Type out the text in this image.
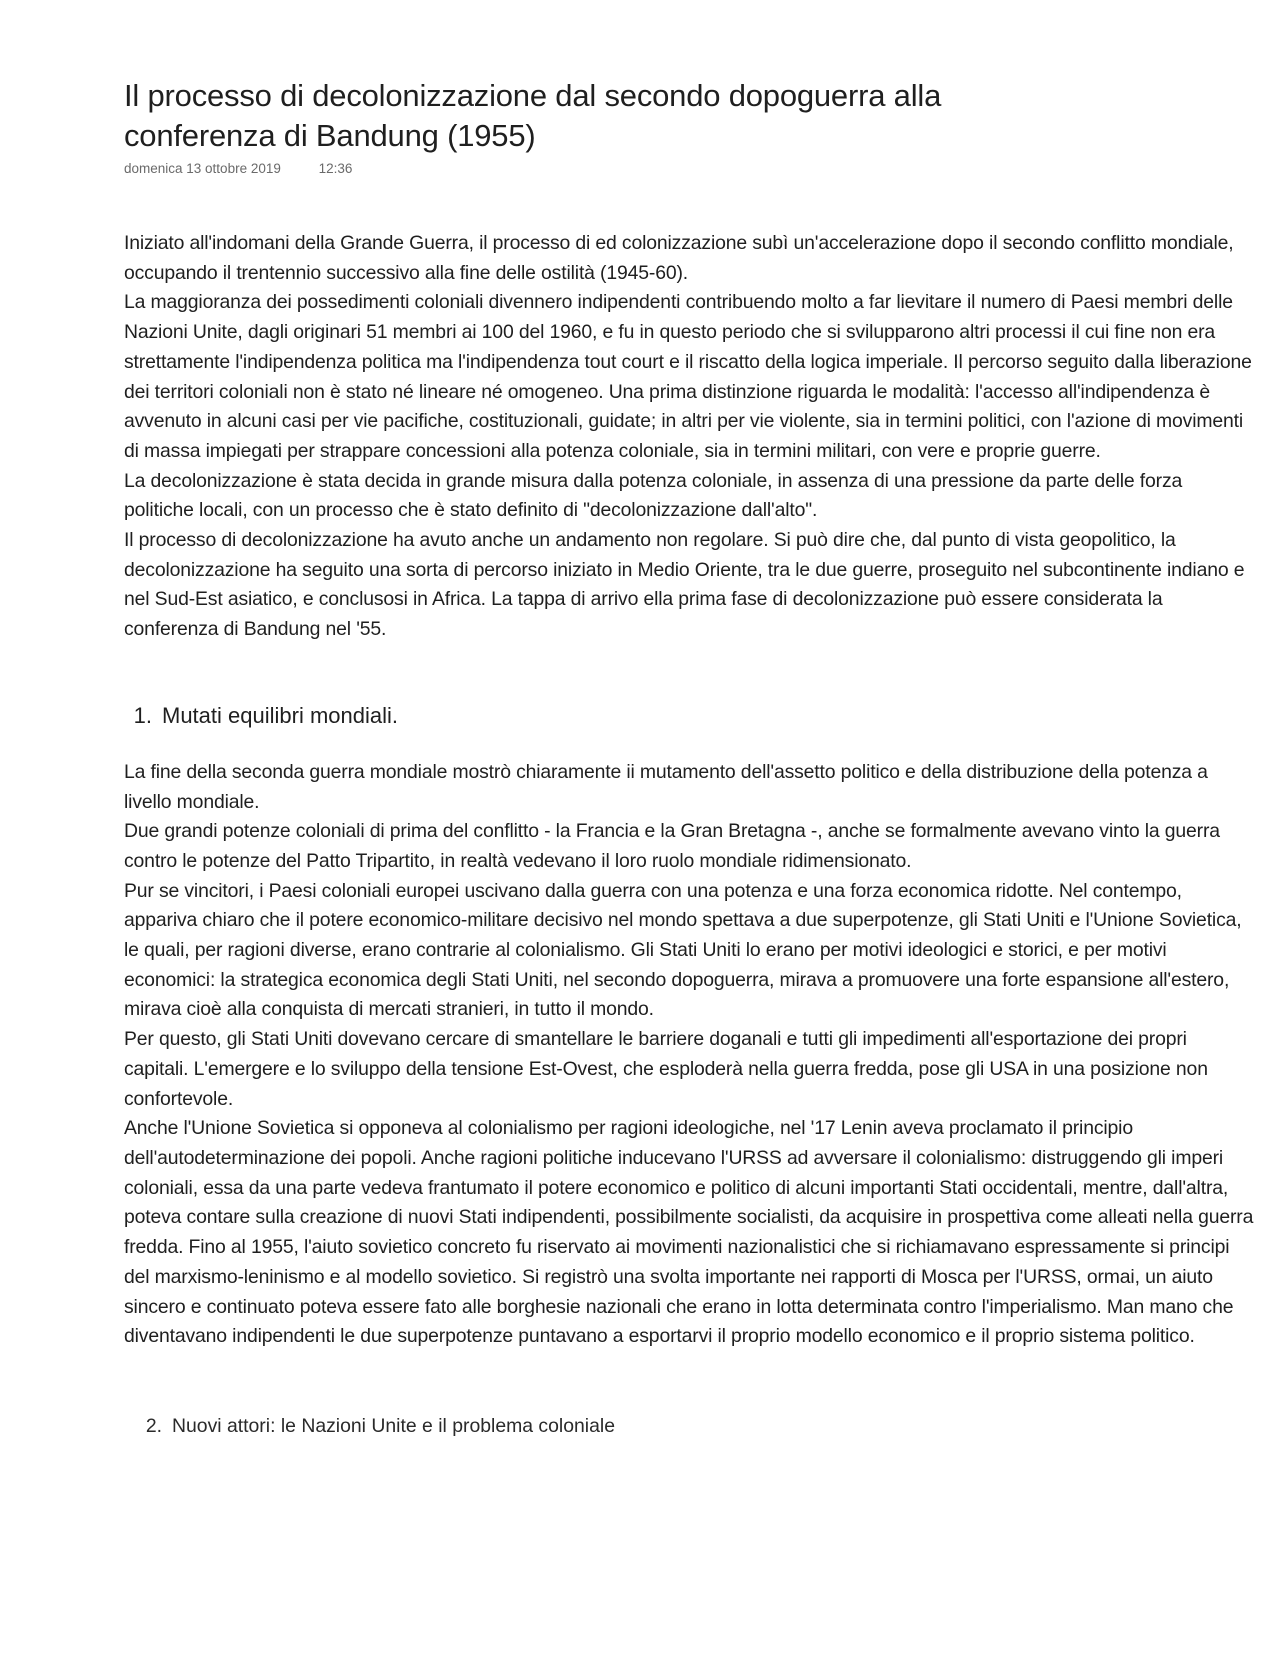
Il processo di decolonizzazione dal secondo dopoguerra alla
conferenza di Bandung (1955)
domenica 13 ottobre 2019	12:36

Iniziato all'indomani della Grande Guerra, il processo di ed colonizzazione subì un'accelerazione dopo il secondo conflitto mondiale, occupando il trentennio successivo alla fine delle ostilità (1945-60).

La maggioranza dei possedimenti coloniali divennero indipendenti contribuendo molto a far lievitare il numero di Paesi membri delle Nazioni Unite, dagli originari 51 membri ai 100 del 1960, e fu in questo periodo che si svilupparono altri processi il cui fine non era strettamente l'indipendenza politica ma l'indipendenza tout court e il riscatto della logica imperiale. Il percorso seguito dalla liberazione dei territori coloniali non è stato né lineare né omogeneo. Una prima distinzione riguarda le modalità: l'accesso all'indipendenza è avvenuto in alcuni casi per vie pacifiche, costituzionali, guidate; in altri per vie violente, sia in termini politici, con l'azione di movimenti di massa impiegati per strappare concessioni alla potenza coloniale, sia in termini militari, con vere e proprie guerre.

La decolonizzazione è stata decida in grande misura dalla potenza coloniale, in assenza di una pressione da parte delle forza politiche locali, con un processo che è stato definito di "decolonizzazione dall'alto".

Il processo di decolonizzazione ha avuto anche un andamento non regolare. Si può dire che, dal punto di vista geopolitico, la decolonizzazione ha seguito una sorta di percorso iniziato in Medio Oriente, tra le due guerre, proseguito nel subcontinente indiano e nel Sud-Est asiatico, e conclusosi in Africa. La tappa di arrivo ella prima fase di decolonizzazione può essere considerata la conferenza di Bandung nel '55.

1. Mutati equilibri mondiali.

La fine della seconda guerra mondiale mostrò chiaramente ii mutamento dell'assetto politico e della distribuzione della potenza a livello mondiale.

Due grandi potenze coloniali di prima del conflitto - la Francia e la Gran Bretagna -, anche se formalmente avevano vinto la guerra contro le potenze del Patto Tripartito, in realtà vedevano il loro ruolo mondiale ridimensionato.

Pur se vincitori, i Paesi coloniali europei uscivano dalla guerra con una potenza e una forza economica ridotte. Nel contempo, appariva chiaro che il potere economico-militare decisivo nel mondo spettava a due superpotenze, gli Stati Uniti e l'Unione Sovietica, le quali, per ragioni diverse, erano contrarie al colonialismo. Gli Stati Uniti lo erano per motivi ideologici e storici, e per motivi economici: la strategica economica degli Stati Uniti, nel secondo dopoguerra, mirava a promuovere una forte espansione all'estero, mirava cioè alla conquista di mercati stranieri, in tutto il mondo.

Per questo, gli Stati Uniti dovevano cercare di smantellare le barriere doganali e tutti gli impedimenti all'esportazione dei propri capitali. L'emergere e lo sviluppo della tensione Est-Ovest, che esploderà nella guerra fredda, pose gli USA in una posizione non confortevole.

Anche l'Unione Sovietica si opponeva al colonialismo per ragioni ideologiche, nel '17 Lenin aveva proclamato il principio dell'autodeterminazione dei popoli. Anche ragioni politiche inducevano l'URSS ad avversare il colonialismo: distruggendo gli imperi coloniali, essa da una parte vedeva frantumato il potere economico e politico di alcuni importanti Stati occidentali, mentre, dall'altra, poteva contare sulla creazione di nuovi Stati indipendenti, possibilmente socialisti, da acquisire in prospettiva come alleati nella guerra fredda. Fino al 1955, l'aiuto sovietico concreto fu riservato ai movimenti nazionalistici che si richiamavano espressamente si principi del marxismo-leninismo e al modello sovietico. Si registrò una svolta importante nei rapporti di Mosca per l'URSS, ormai, un aiuto sincero e continuato poteva essere fato alle borghesie nazionali che erano in lotta determinata contro l'imperialismo. Man mano che diventavano indipendenti le due superpotenze puntavano a esportarvi il proprio modello economico e il proprio sistema politico.

2. Nuovi attori: le Nazioni Unite e il problema coloniale
